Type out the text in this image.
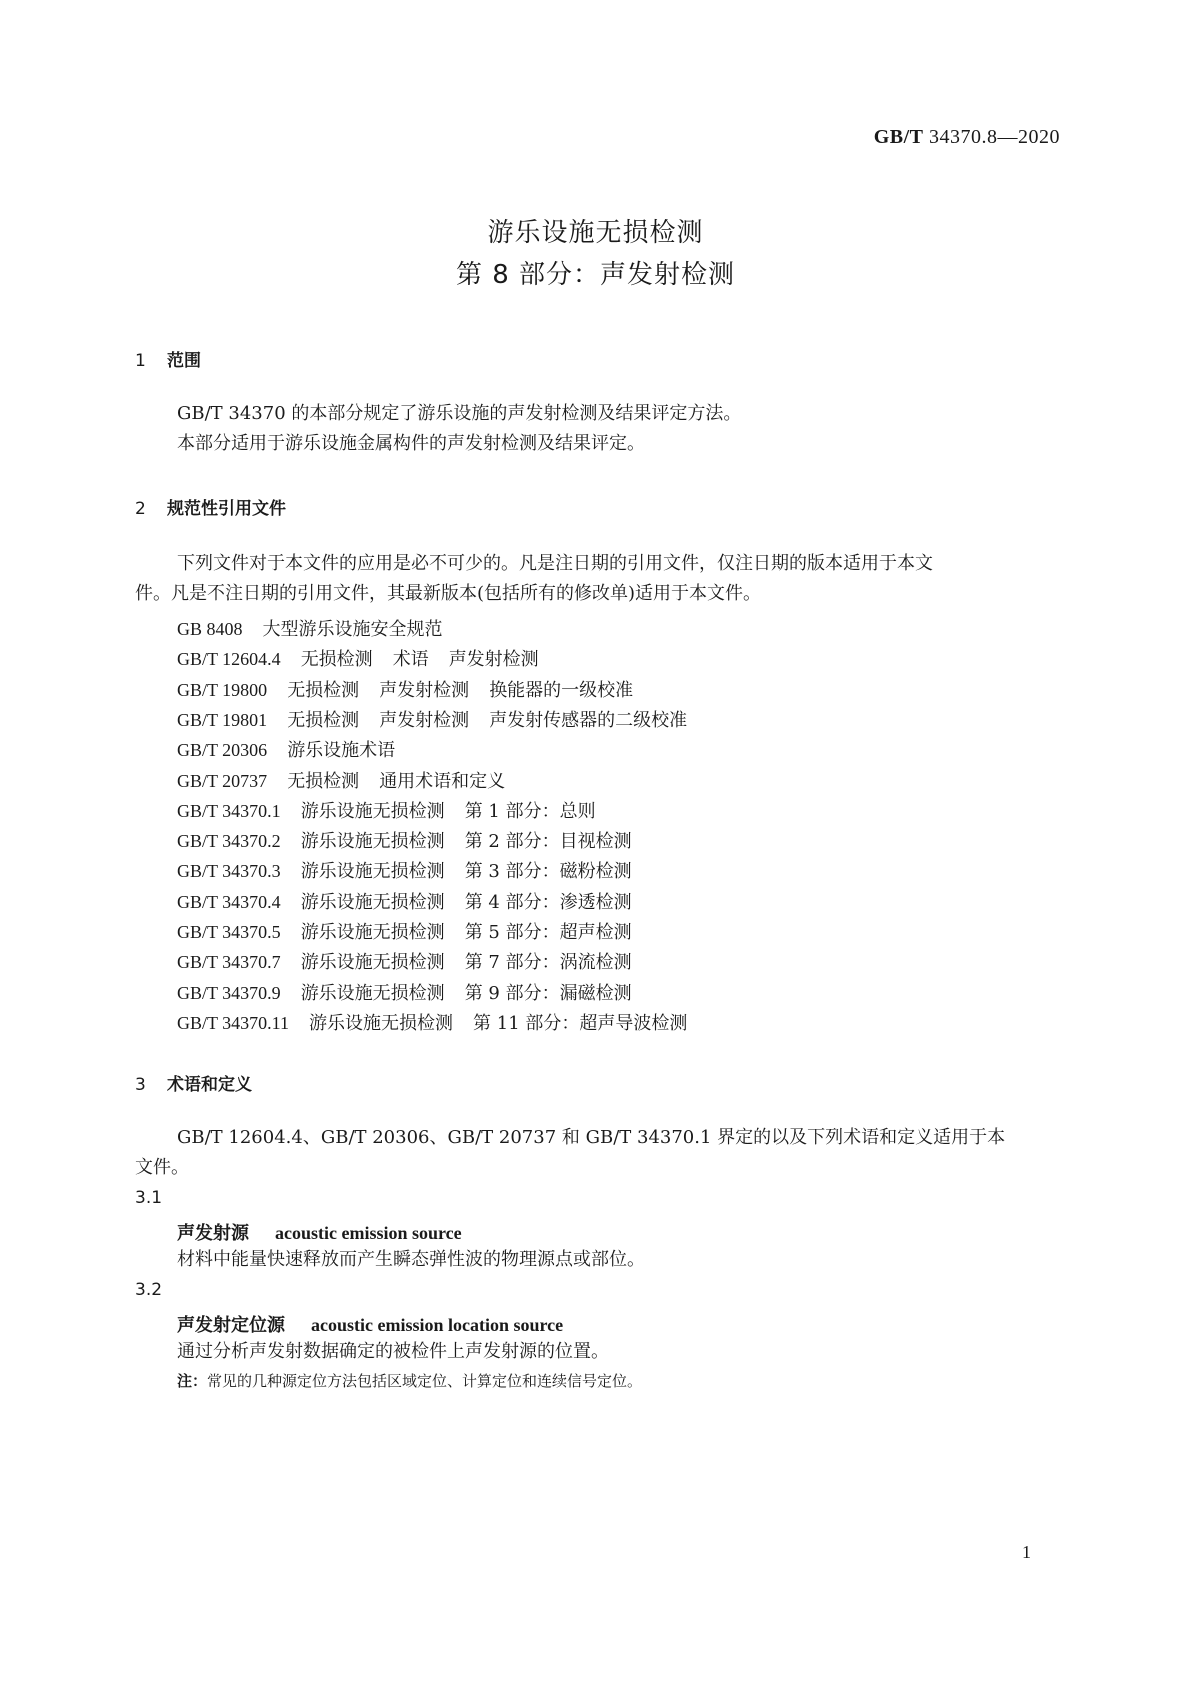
GB/T 34370.8—2020
游乐设施无损检测
第 8 部分：声发射检测
1 范围
GB/T 34370 的本部分规定了游乐设施的声发射检测及结果评定方法。
本部分适用于游乐设施金属构件的声发射检测及结果评定。
2 规范性引用文件
下列文件对于本文件的应用是必不可少的。凡是注日期的引用文件，仅注日期的版本适用于本文
件。凡是不注日期的引用文件，其最新版本(包括所有的修改单)适用于本文件。
GB 8408 大型游乐设施安全规范
GB/T 12604.4 无损检测 术语 声发射检测
GB/T 19800 无损检测 声发射检测 换能器的一级校准
GB/T 19801 无损检测 声发射检测 声发射传感器的二级校准
GB/T 20306 游乐设施术语
GB/T 20737 无损检测 通用术语和定义
GB/T 34370.1 游乐设施无损检测 第 1 部分：总则
GB/T 34370.2 游乐设施无损检测 第 2 部分：目视检测
GB/T 34370.3 游乐设施无损检测 第 3 部分：磁粉检测
GB/T 34370.4 游乐设施无损检测 第 4 部分：渗透检测
GB/T 34370.5 游乐设施无损检测 第 5 部分：超声检测
GB/T 34370.7 游乐设施无损检测 第 7 部分：涡流检测
GB/T 34370.9 游乐设施无损检测 第 9 部分：漏磁检测
GB/T 34370.11 游乐设施无损检测 第 11 部分：超声导波检测
3 术语和定义
GB/T 12604.4、GB/T 20306、GB/T 20737 和 GB/T 34370.1 界定的以及下列术语和定义适用于本
文件。
3.1
声发射源 acoustic emission source
材料中能量快速释放而产生瞬态弹性波的物理源点或部位。
3.2
声发射定位源 acoustic emission location source
通过分析声发射数据确定的被检件上声发射源的位置。
注：常见的几种源定位方法包括区域定位、计算定位和连续信号定位。
1
